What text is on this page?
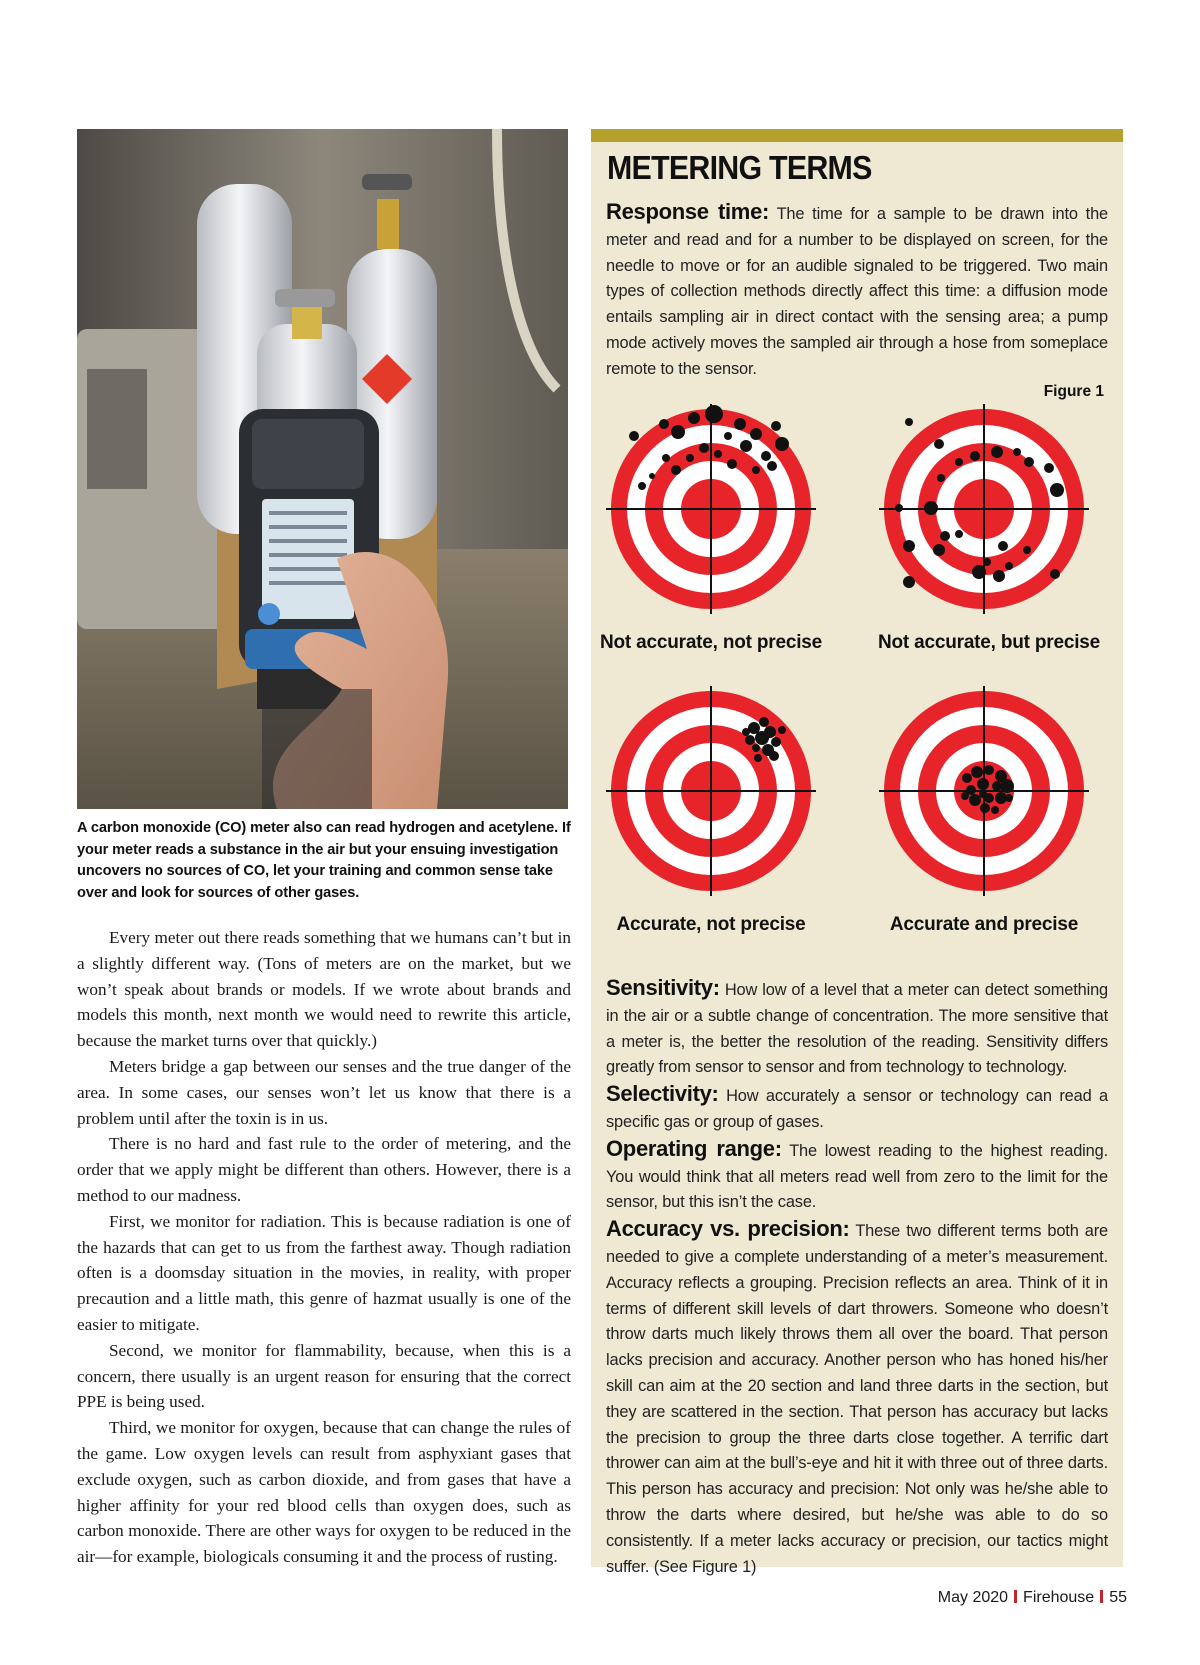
A carbon monoxide (CO) meter also can read hydrogen and acetylene. If your meter reads a substance in the air but your ensuing investigation uncovers no sources of CO, let your training and common sense take over and look for sources of other gases.

Every meter out there reads something that we humans can’t but in a slightly different way. (Tons of meters are on the market, but we won’t speak about brands or models. If we wrote about brands and models this month, next month we would need to rewrite this article, because the market turns over that quickly.)

Meters bridge a gap between our senses and the true danger of the area. In some cases, our senses won’t let us know that there is a problem until after the toxin is in us.

There is no hard and fast rule to the order of metering, and the order that we apply might be different than others. However, there is a method to our madness.

First, we monitor for radiation. This is because radiation is one of the hazards that can get to us from the farthest away. Though radiation often is a doomsday situation in the movies, in reality, with proper precaution and a little math, this genre of hazmat usually is one of the easier to mitigate.

Second, we monitor for flammability, because, when this is a concern, there usually is an urgent reason for ensuring that the correct PPE is being used.

Third, we monitor for oxygen, because that can change the rules of the game. Low oxygen levels can result from asphyxiant gases that exclude oxygen, such as carbon dioxide, and from gases that have a higher affinity for your red blood cells than oxygen does, such as carbon monoxide. There are other ways for oxygen to be reduced in the air—for example, biologicals consuming it and the process of rusting.

METERING TERMS

Response time: The time for a sample to be drawn into the meter and read and for a number to be displayed on screen, for the needle to move or for an audible signaled to be triggered. Two main types of collection methods directly affect this time: a diffusion mode entails sampling air in direct contact with the sensing area; a pump mode actively moves the sampled air through a hose from someplace remote to the sensor.

Figure 1
Not accurate, not precise	Not accurate, but precise
Accurate, not precise	Accurate and precise

Sensitivity: How low of a level that a meter can detect something in the air or a subtle change of concentration. The more sensitive that a meter is, the better the resolution of the reading. Sensitivity differs greatly from sensor to sensor and from technology to technology.

Selectivity: How accurately a sensor or technology can read a specific gas or group of gases.

Operating range: The lowest reading to the highest reading. You would think that all meters read well from zero to the limit for the sensor, but this isn’t the case.

Accuracy vs. precision: These two different terms both are needed to give a complete understanding of a meter’s measurement. Accuracy reflects a grouping. Precision reflects an area. Think of it in terms of different skill levels of dart throwers. Someone who doesn’t throw darts much likely throws them all over the board. That person lacks precision and accuracy. Another person who has honed his/her skill can aim at the 20 section and land three darts in the section, but they are scattered in the section. That person has accuracy but lacks the precision to group the three darts close together. A terrific dart thrower can aim at the bull’s-eye and hit it with three out of three darts. This person has accuracy and precision: Not only was he/she able to throw the darts where desired, but he/she was able to do so consistently. If a meter lacks accuracy or precision, our tactics might suffer. (See Figure 1)

May 2020 Firehouse 55
